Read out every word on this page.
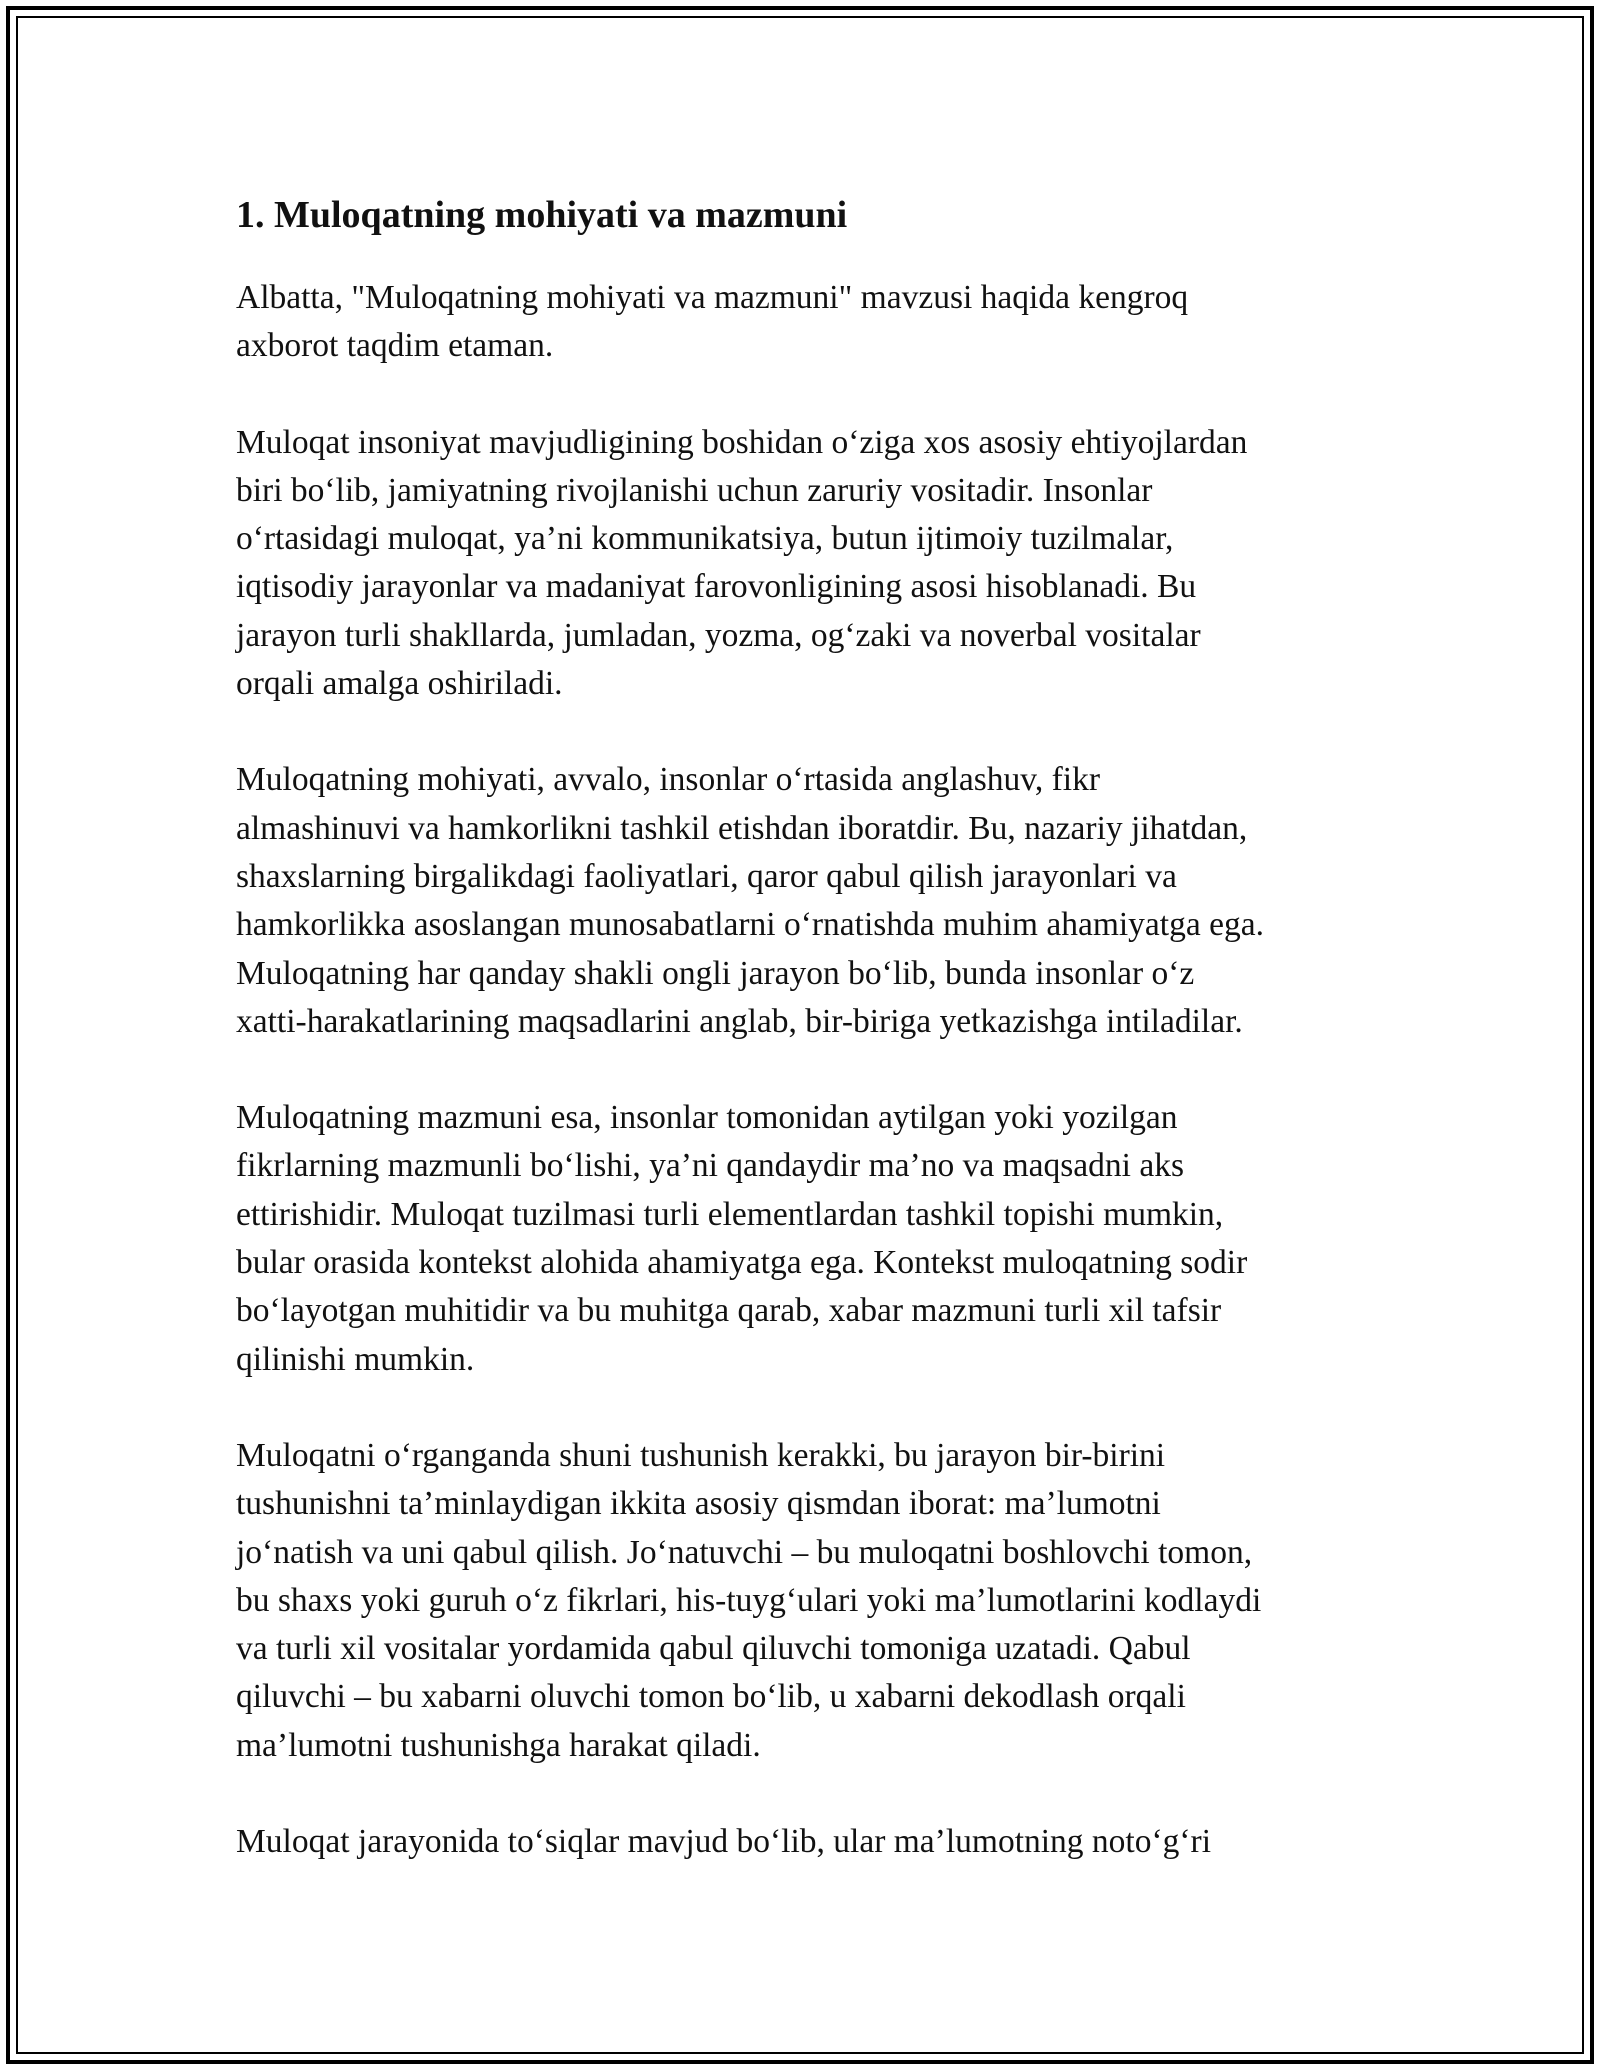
1. Muloqatning mohiyati va mazmuni

Albatta, "Muloqatning mohiyati va mazmuni" mavzusi haqida kengroq
axborot taqdim etaman.

Muloqat insoniyat mavjudligining boshidan o‘ziga xos asosiy ehtiyojlardan
biri bo‘lib, jamiyatning rivojlanishi uchun zaruriy vositadir. Insonlar
o‘rtasidagi muloqat, ya’ni kommunikatsiya, butun ijtimoiy tuzilmalar,
iqtisodiy jarayonlar va madaniyat farovonligining asosi hisoblanadi. Bu
jarayon turli shakllarda, jumladan, yozma, og‘zaki va noverbal vositalar
orqali amalga oshiriladi.

Muloqatning mohiyati, avvalo, insonlar o‘rtasida anglashuv, fikr
almashinuvi va hamkorlikni tashkil etishdan iboratdir. Bu, nazariy jihatdan,
shaxslarning birgalikdagi faoliyatlari, qaror qabul qilish jarayonlari va
hamkorlikka asoslangan munosabatlarni o‘rnatishda muhim ahamiyatga ega.
Muloqatning har qanday shakli ongli jarayon bo‘lib, bunda insonlar o‘z
xatti-harakatlarining maqsadlarini anglab, bir-biriga yetkazishga intiladilar.

Muloqatning mazmuni esa, insonlar tomonidan aytilgan yoki yozilgan
fikrlarning mazmunli bo‘lishi, ya’ni qandaydir ma’no va maqsadni aks
ettirishidir. Muloqat tuzilmasi turli elementlardan tashkil topishi mumkin,
bular orasida kontekst alohida ahamiyatga ega. Kontekst muloqatning sodir
bo‘layotgan muhitidir va bu muhitga qarab, xabar mazmuni turli xil tafsir
qilinishi mumkin.

Muloqatni o‘rganganda shuni tushunish kerakki, bu jarayon bir-birini
tushunishni ta’minlaydigan ikkita asosiy qismdan iborat: ma’lumotni
jo‘natish va uni qabul qilish. Jo‘natuvchi – bu muloqatni boshlovchi tomon,
bu shaxs yoki guruh o‘z fikrlari, his-tuyg‘ulari yoki ma’lumotlarini kodlaydi
va turli xil vositalar yordamida qabul qiluvchi tomoniga uzatadi. Qabul
qiluvchi – bu xabarni oluvchi tomon bo‘lib, u xabarni dekodlash orqali
ma’lumotni tushunishga harakat qiladi.

Muloqat jarayonida to‘siqlar mavjud bo‘lib, ular ma’lumotning noto‘g‘ri
